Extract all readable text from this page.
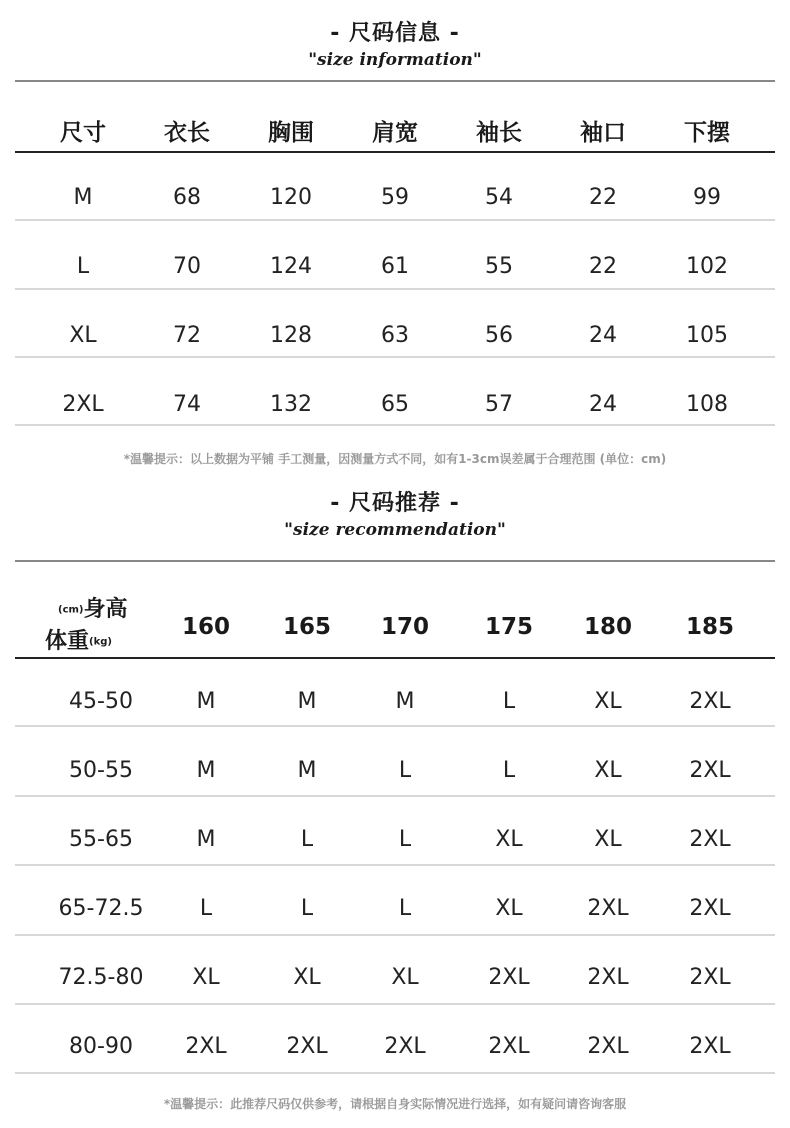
- 尺码信息 -
"size information"
尺寸	衣长	胸围	肩宽	袖长	袖口	下摆
M	68	120	59	54	22	99
L	70	124	61	55	22	102
XL	72	128	63	56	24	105
2XL	74	132	65	57	24	108
*温馨提示：以上数据为平铺 手工测量，因测量方式不同，如有1-3cm误差属于合理范围 (单位：cm)
- 尺码推荐 -
"size recommendation"
(cm)身高
体重(kg)
160	165	170	175	180	185
45-50	M	M	M	L	XL	2XL
50-55	M	M	L	L	XL	2XL
55-65	M	L	L	XL	XL	2XL
65-72.5	L	L	L	XL	2XL	2XL
72.5-80	XL	XL	XL	2XL	2XL	2XL
80-90	2XL	2XL	2XL	2XL	2XL	2XL
*温馨提示：此推荐尺码仅供参考，请根据自身实际情况进行选择，如有疑问请咨询客服
